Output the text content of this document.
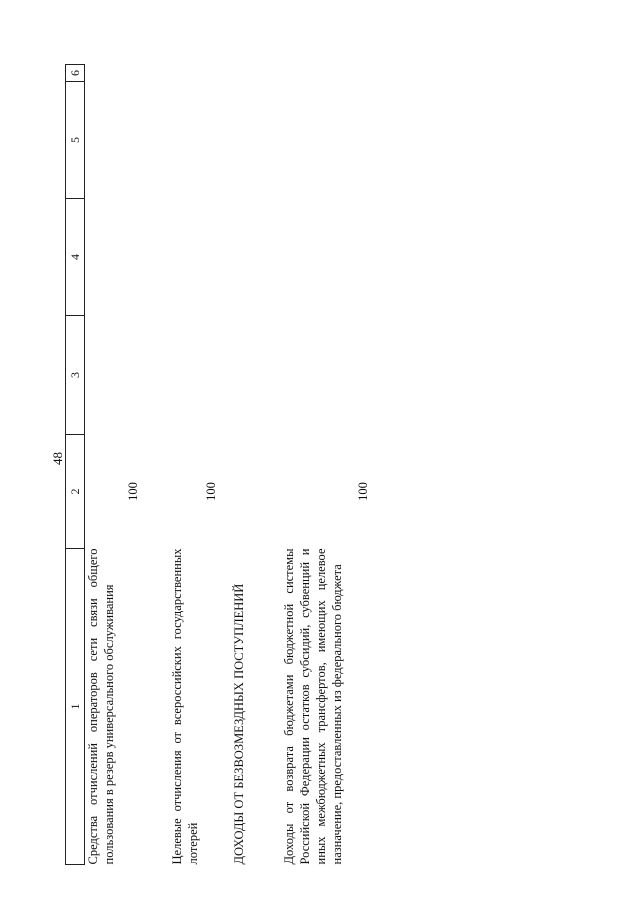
48
1	2	3	4	5	6
Средства отчислений операторов сети связи общего пользования в резерв универсального обслуживания	100				

Целевые отчисления от всероссийских государственных лотерей	100				

ДОХОДЫ ОТ БЕЗВОЗМЕЗДНЫХ ПОСТУПЛЕНИЙ	

Доходы от возврата бюджетами бюджетной системы Российской Федерации остатков субсидий, субвенций и иных межбюджетных трансфертов, имеющих целевое назначение, предоставленных из федерального бюджета	100				
